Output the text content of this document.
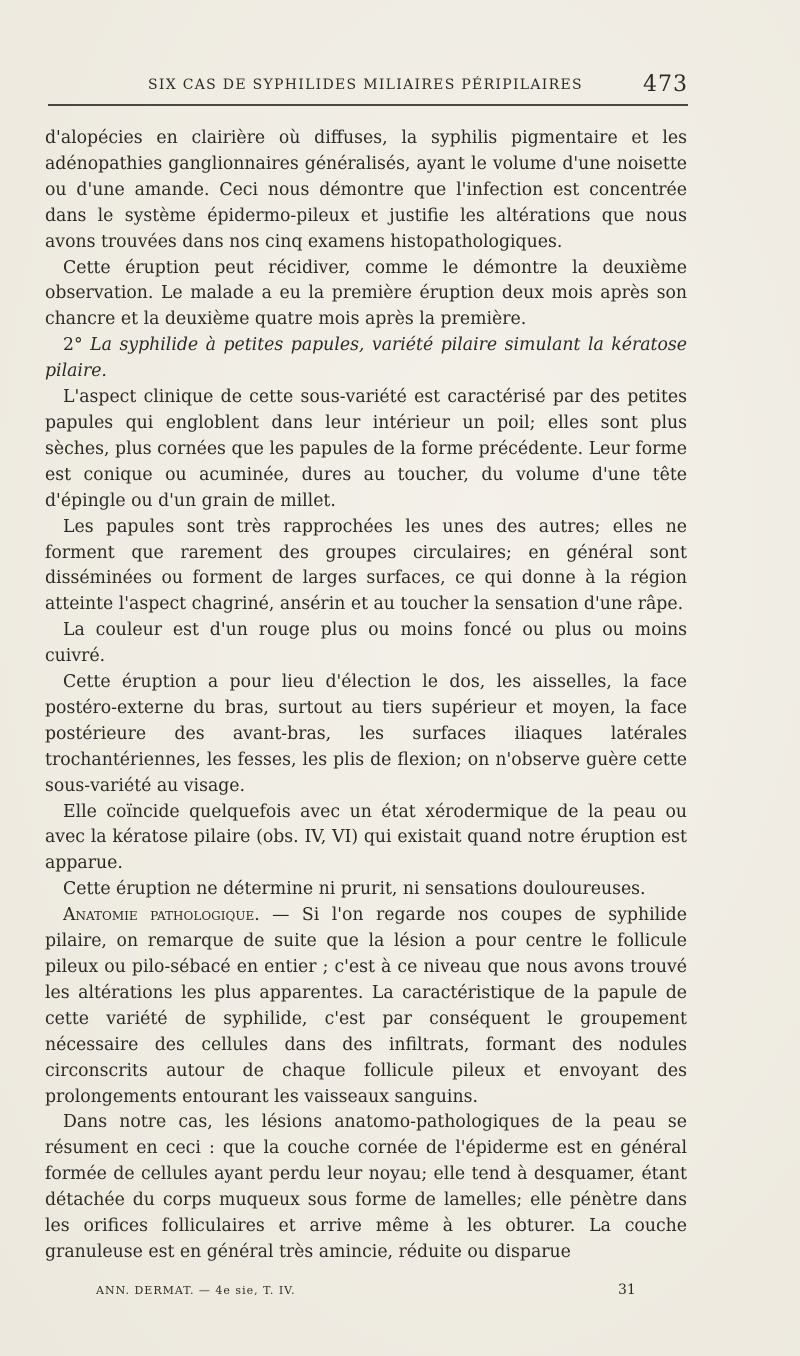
SIX CAS DE SYPHILIDES MILIAIRES PÉRIPILAIRES	473

d'alopécies en clairière où diffuses, la syphilis pigmentaire et les adénopathies ganglionnaires généralisés, ayant le volume d'une noisette ou d'une amande. Ceci nous démontre que l'infection est concentrée dans le système épidermo-pileux et justifie les altérations que nous avons trouvées dans nos cinq examens histopathologiques.

Cette éruption peut récidiver, comme le démontre la deuxième observation. Le malade a eu la première éruption deux mois après son chancre et la deuxième quatre mois après la première.

2° La syphilide à petites papules, variété pilaire simulant la kératose pilaire.

L'aspect clinique de cette sous-variété est caractérisé par des petites papules qui engloblent dans leur intérieur un poil; elles sont plus sèches, plus cornées que les papules de la forme précédente. Leur forme est conique ou acuminée, dures au toucher, du volume d'une tête d'épingle ou d'un grain de millet.

Les papules sont très rapprochées les unes des autres; elles ne forment que rarement des groupes circulaires; en général sont disséminées ou forment de larges surfaces, ce qui donne à la région atteinte l'aspect chagriné, ansérin et au toucher la sensation d'une râpe.

La couleur est d'un rouge plus ou moins foncé ou plus ou moins cuivré.

Cette éruption a pour lieu d'élection le dos, les aisselles, la face postéro-externe du bras, surtout au tiers supérieur et moyen, la face postérieure des avant-bras, les surfaces iliaques latérales trochantériennes, les fesses, les plis de flexion; on n'observe guère cette sous-variété au visage.

Elle coïncide quelquefois avec un état xérodermique de la peau ou avec la kératose pilaire (obs. IV, VI) qui existait quand notre éruption est apparue.

Cette éruption ne détermine ni prurit, ni sensations douloureuses.

Anatomie pathologique. — Si l'on regarde nos coupes de syphilide pilaire, on remarque de suite que la lésion a pour centre le follicule pileux ou pilo-sébacé en entier ; c'est à ce niveau que nous avons trouvé les altérations les plus apparentes. La caractéristique de la papule de cette variété de syphilide, c'est par conséquent le groupement nécessaire des cellules dans des infiltrats, formant des nodules circonscrits autour de chaque follicule pileux et envoyant des prolongements entourant les vaisseaux sanguins.

Dans notre cas, les lésions anatomo-pathologiques de la peau se résument en ceci : que la couche cornée de l'épiderme est en général formée de cellules ayant perdu leur noyau; elle tend à desquamer, étant détachée du corps muqueux sous forme de lamelles; elle pénètre dans les orifices folliculaires et arrive même à les obturer. La couche granuleuse est en général très amincie, réduite ou disparue

ANN. DERMAT. — 4e sie, T. IV.	31
